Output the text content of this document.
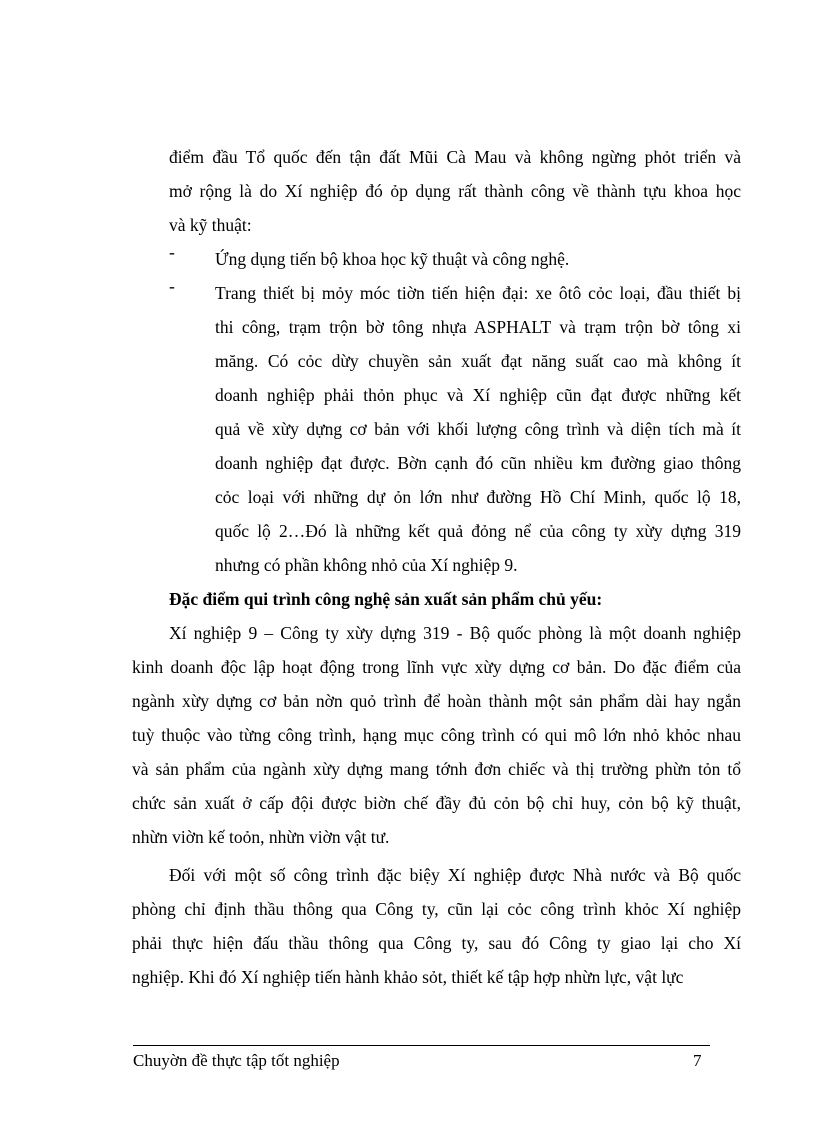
điểm đầu Tổ quốc đến tận đất Mũi Cà Mau và không ngừng phỏt triển và
mở rộng là do Xí nghiệp đó ỏp dụng rất thành công về thành tựu khoa học
và kỹ thuật:
- Ứng dụng tiến bộ khoa học kỹ thuật và công nghệ.
- Trang thiết bị mỏy móc tiờn tiến hiện đại: xe ôtô cỏc loại, đầu thiết bị
thi công, trạm trộn bờ tông nhựa ASPHALT và trạm trộn bờ tông xi
măng. Có cỏc dừy chuyền sản xuất đạt năng suất cao mà không ít
doanh nghiệp phải thỏn phục và Xí nghiệp cũn đạt được những kết
quả về xừy dựng cơ bản với khối lượng công trình và diện tích mà ít
doanh nghiệp đạt được. Bờn cạnh đó cũn nhiều km đường giao thông
cỏc loại với những dự ỏn lớn như đường Hồ Chí Minh, quốc lộ 18,
quốc lộ 2…Đó là những kết quả đỏng nể của công ty xừy dựng 319
nhưng có phần không nhỏ của Xí nghiệp 9.
Đặc điểm qui trình công nghệ sản xuất sản phẩm chủ yếu:
Xí nghiệp 9 – Công ty xừy dựng 319 - Bộ quốc phòng là một doanh nghiệp
kinh doanh độc lập hoạt động trong lĩnh vực xừy dựng cơ bản. Do đặc điểm của
ngành xừy dựng cơ bản nờn quỏ trình để hoàn thành một sản phẩm dài hay ngắn
tuỳ thuộc vào từng công trình, hạng mục công trình có qui mô lớn nhỏ khỏc nhau
và sản phẩm của ngành xừy dựng mang tớnh đơn chiếc và thị trường phừn tỏn tổ
chức sản xuất ở cấp đội được biờn chế đầy đủ cỏn bộ chỉ huy, cỏn bộ kỹ thuật,
nhừn viờn kế toỏn, nhừn viờn vật tư.
Đối với một số công trình đặc biệy Xí nghiệp được Nhà nước và Bộ quốc
phòng chỉ định thầu thông qua Công ty, cũn lại cỏc công trình khỏc Xí nghiệp
phải thực hiện đấu thầu thông qua Công ty, sau đó Công ty giao lại cho Xí
nghiệp. Khi đó Xí nghiệp tiến hành khảo sỏt, thiết kế tập hợp nhừn lực, vật lực
Chuyờn đề thực tập tốt nghiệp	7
